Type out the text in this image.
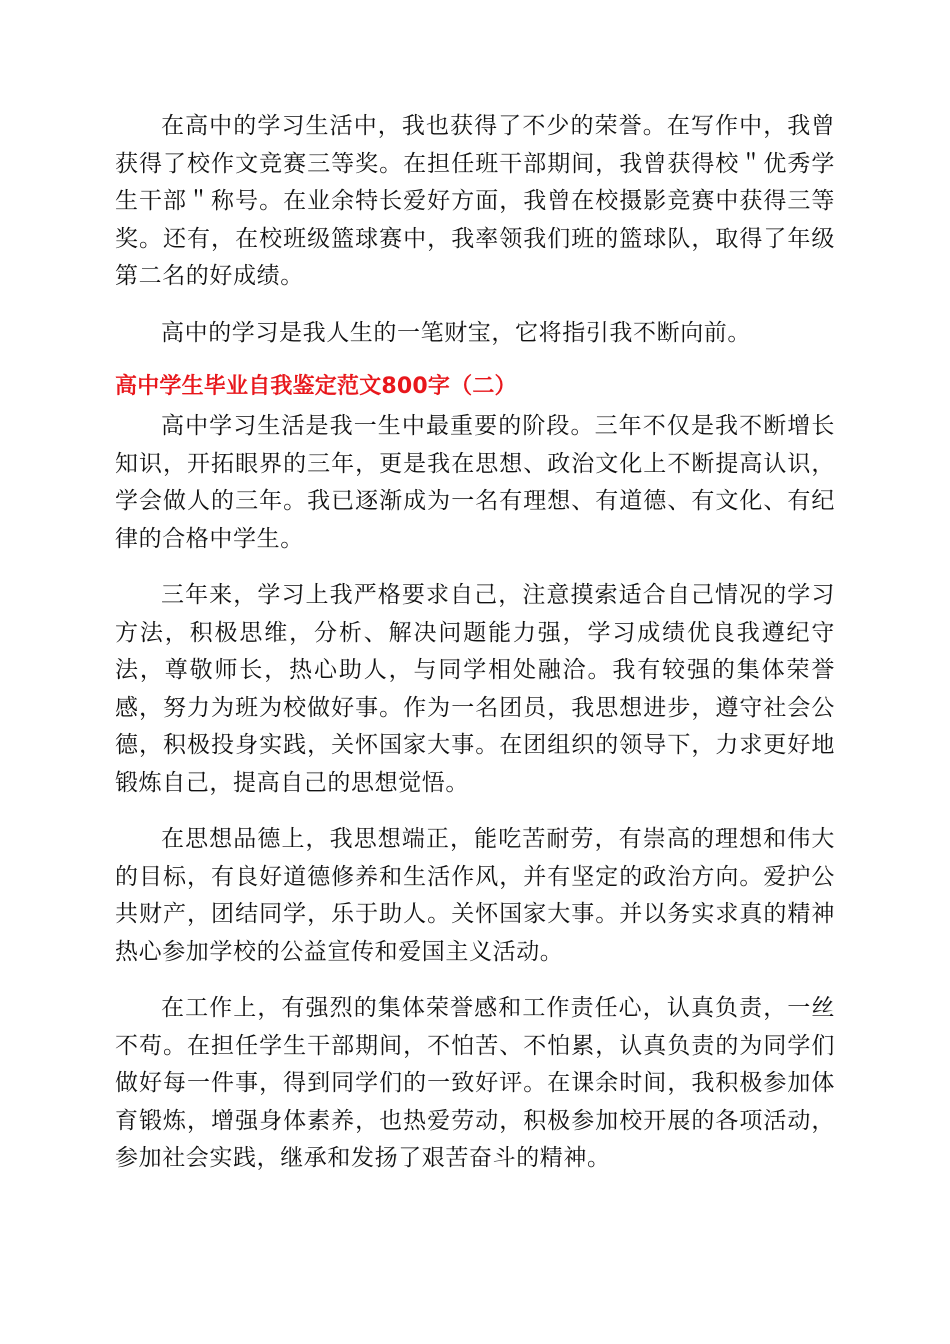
在高中的学习生活中，我也获得了不少的荣誉。在写作中，我曾获得了校作文竞赛三等奖。在担任班干部期间，我曾获得校＂优秀学生干部＂称号。在业余特长爱好方面，我曾在校摄影竞赛中获得三等奖。还有，在校班级篮球赛中，我率领我们班的篮球队，取得了年级第二名的好成绩。

高中的学习是我人生的一笔财宝，它将指引我不断向前。

高中学生毕业自我鉴定范文800字（二）

高中学习生活是我一生中最重要的阶段。三年不仅是我不断增长知识，开拓眼界的三年，更是我在思想、政治文化上不断提高认识，学会做人的三年。我已逐渐成为一名有理想、有道德、有文化、有纪律的合格中学生。

三年来，学习上我严格要求自己，注意摸索适合自己情况的学习方法，积极思维，分析、解决问题能力强，学习成绩优良我遵纪守法，尊敬师长，热心助人，与同学相处融洽。我有较强的集体荣誉感，努力为班为校做好事。作为一名团员，我思想进步，遵守社会公德，积极投身实践，关怀国家大事。在团组织的领导下，力求更好地锻炼自己，提高自己的思想觉悟。

在思想品德上，我思想端正，能吃苦耐劳，有崇高的理想和伟大的目标，有良好道德修养和生活作风，并有坚定的政治方向。爱护公共财产，团结同学，乐于助人。关怀国家大事。并以务实求真的精神热心参加学校的公益宣传和爱国主义活动。

在工作上，有强烈的集体荣誉感和工作责任心，认真负责，一丝不苟。在担任学生干部期间，不怕苦、不怕累，认真负责的为同学们做好每一件事，得到同学们的一致好评。在课余时间，我积极参加体育锻炼，增强身体素养，也热爱劳动，积极参加校开展的各项活动，参加社会实践，继承和发扬了艰苦奋斗的精神。
